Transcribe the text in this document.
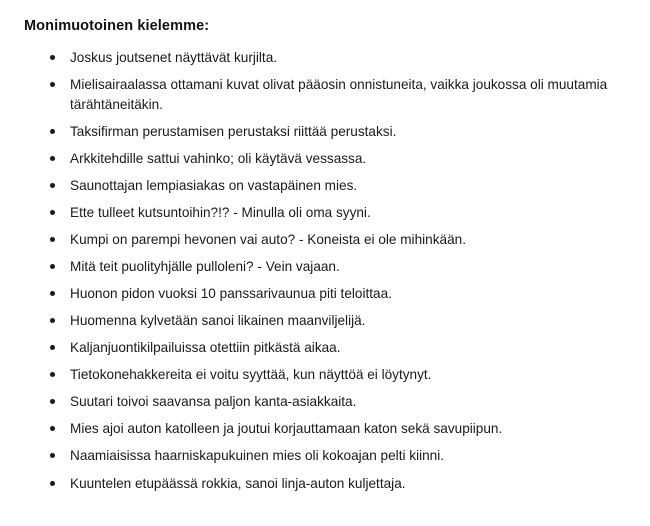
Monimuotoinen kielemme:
Joskus joutsenet näyttävät kurjilta.
Mielisairaalassa ottamani kuvat olivat pääosin onnistuneita, vaikka joukossa oli muutamia tärähtäneitäkin.
Taksifirman perustamisen perustaksi riittää perustaksi.
Arkkitehdille sattui vahinko; oli käytävä vessassa.
Saunottajan lempiasiakas on vastapäinen mies.
Ette tulleet kutsuntoihin?!? - Minulla oli oma syyni.
Kumpi on parempi hevonen vai auto? - Koneista ei ole mihinkään.
Mitä teit puolityhjälle pulloleni? - Vein vajaan.
Huonon pidon vuoksi 10 panssarivaunua piti teloittaa.
Huomenna kylvetään sanoi likainen maanviljelijä.
Kaljanjuontikilpailuissa otettiin pitkästä aikaa.
Tietokonehakkereita ei voitu syyttää, kun näyttöä ei löytynyt.
Suutari toivoi saavansa paljon kanta-asiakkaita.
Mies ajoi auton katolleen ja joutui korjauttamaan katon sekä savupiipun.
Naamiaisissa haarniskapukuinen mies oli kokoajan pelti kiinni.
Kuuntelen etupäässä rokkia, sanoi linja-auton kuljettaja.
